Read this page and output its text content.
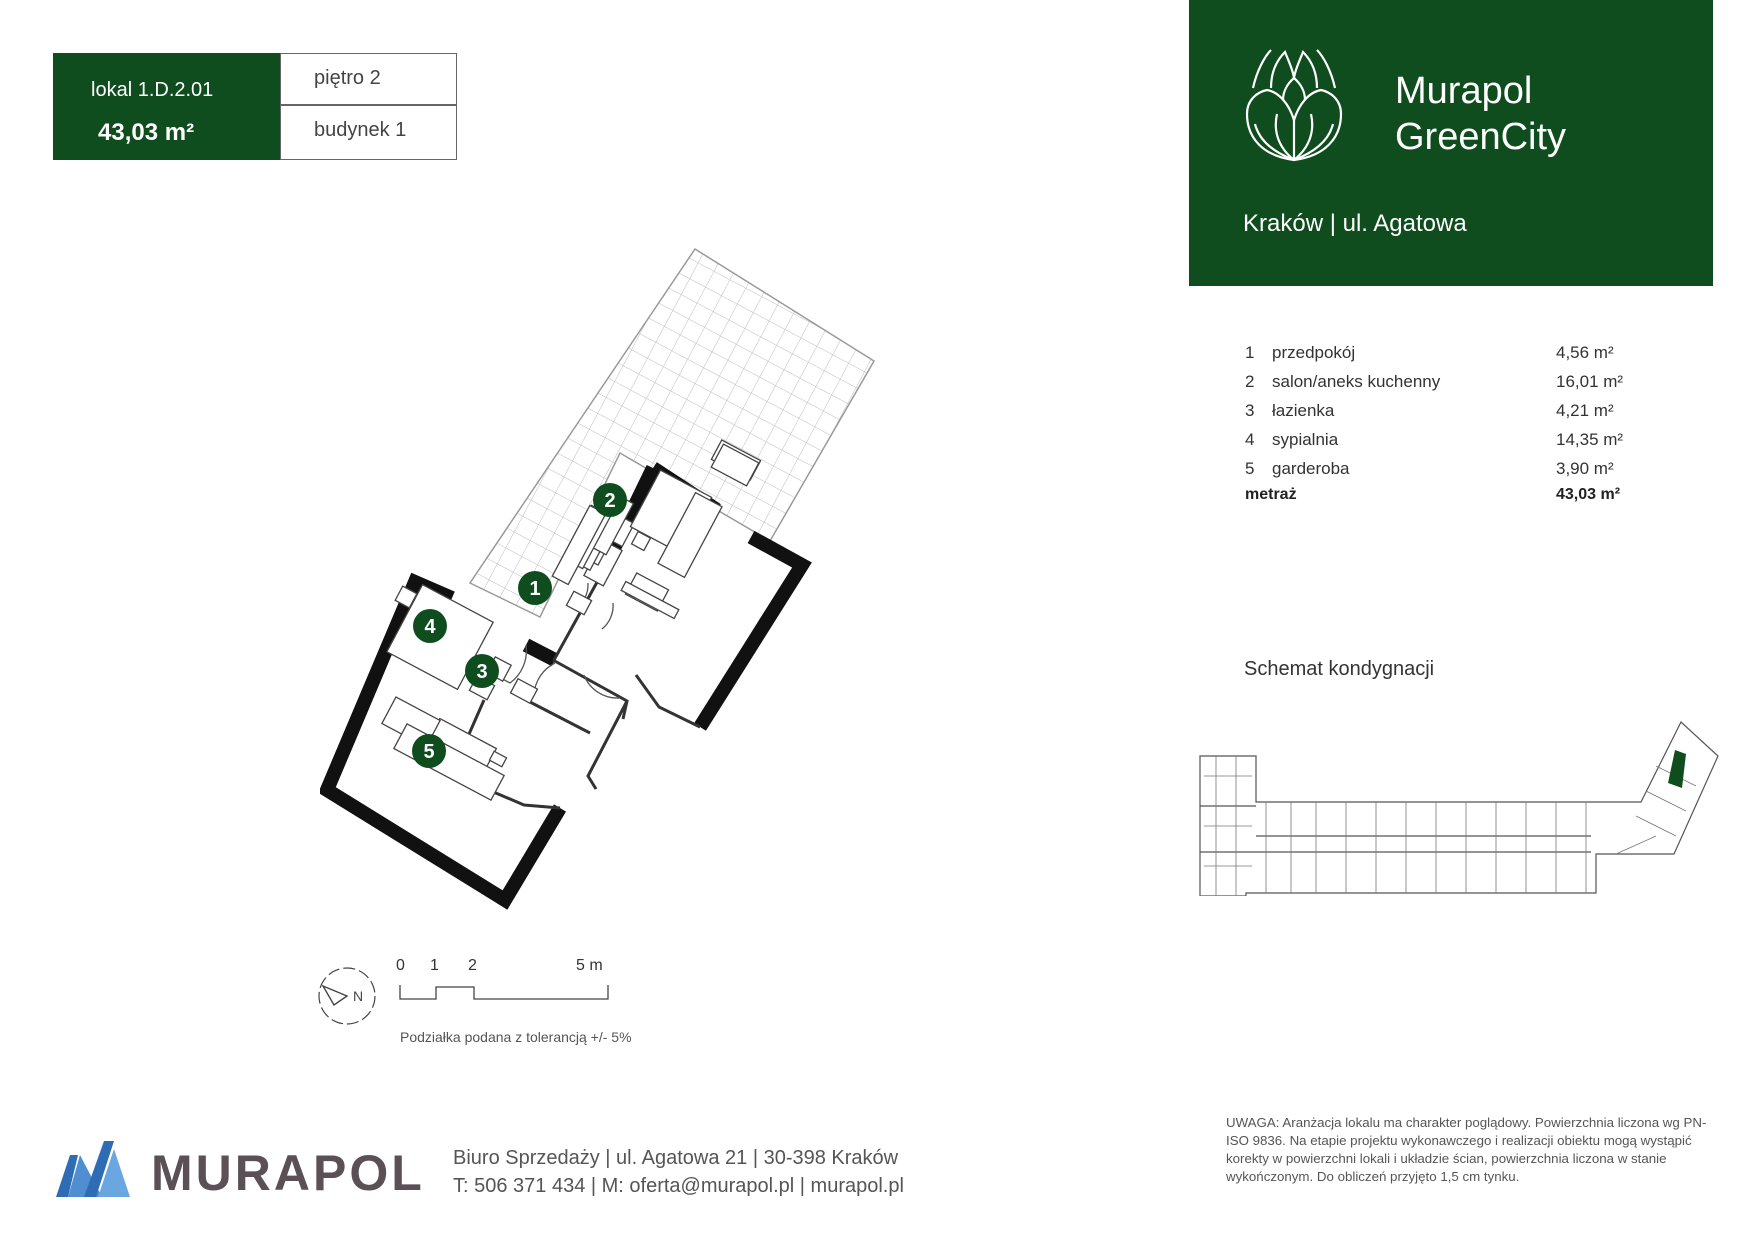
lokal 1.D.2.01
43,03 m²
piętro 2
budynek 1
Murapol
GreenCity
Kraków | ul. Agatowa
1 przedpokój	4,56 m²
2 salon/aneks kuchenny	16,01 m²
3 łazienka	4,21 m²
4 sypialnia	14,35 m²
5 garderoba	3,90 m²
metraż	43,03 m²
1
2
3
4
5
Schemat kondygnacji
N
0 1 2	5 m
Podziałka podana z tolerancją +/- 5%
MURAPOL Biuro Sprzedaży | ul. Agatowa 21 | 30-398 Kraków
T: 506 371 434 | M: oferta@murapol.pl | murapol.pl
UWAGA: Aranżacja lokalu ma charakter poglądowy. Powierzchnia liczona wg PN-ISO 9836. Na etapie projektu wykonawczego i realizacji obiektu mogą wystąpić korekty w powierzchni lokali i układzie ścian, powierzchnia liczona w stanie wykończonym. Do obliczeń przyjęto 1,5 cm tynku.
